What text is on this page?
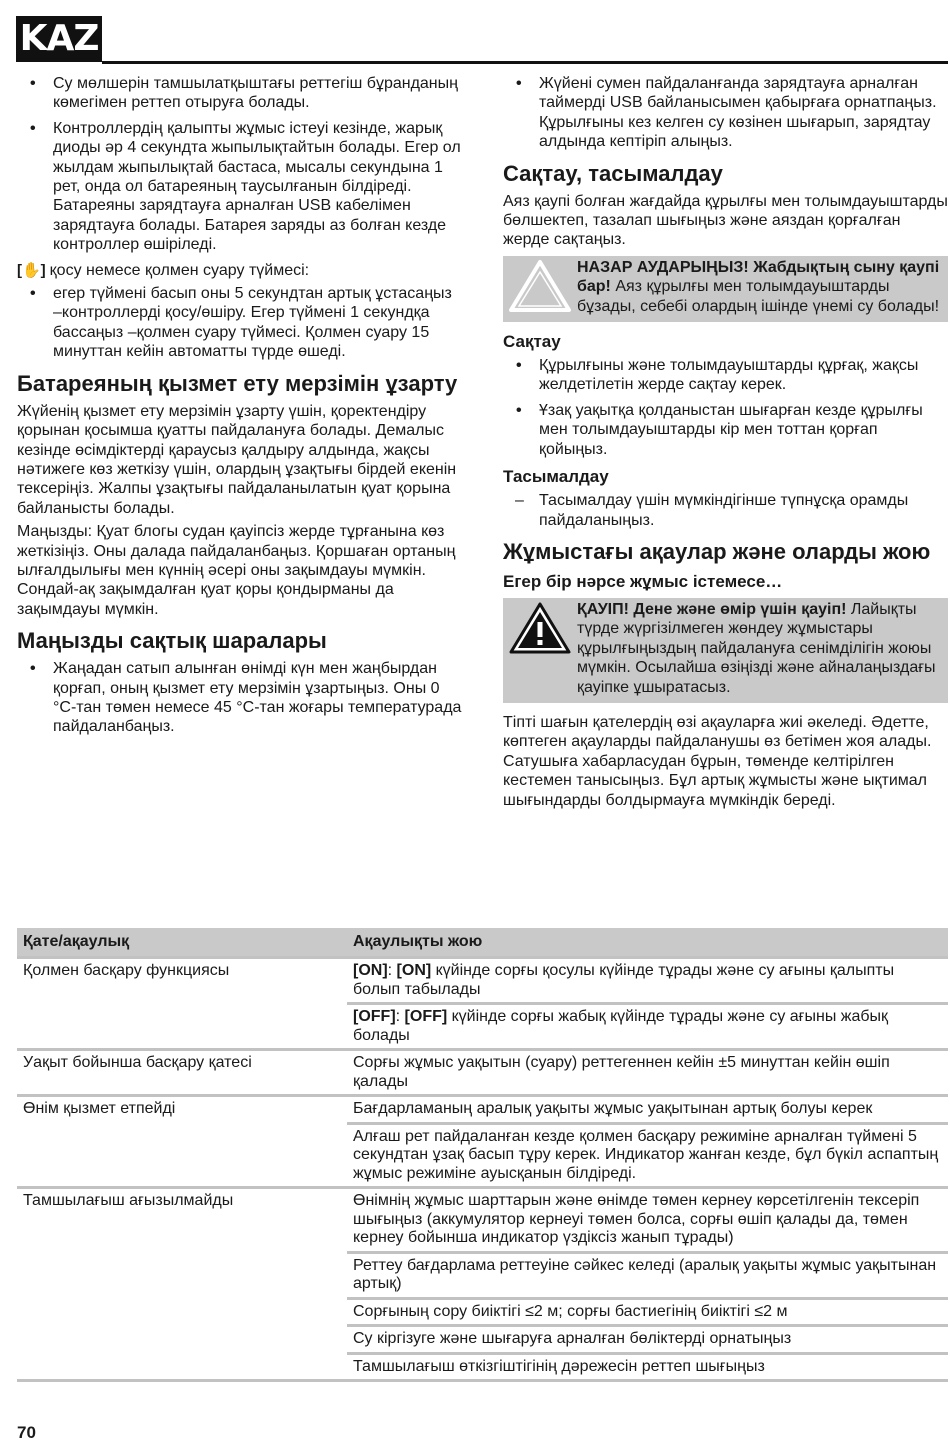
KAZ
• Су мөлшерін тамшылатқыштағы реттегіш бұранданың көмегімен реттеп отыруға болады.
• Контроллердің қалыпты жұмыс істеуі кезінде, жарық диоды әр 4 секундта жыпылықтайтын болады. Егер ол жылдам жыпылықтай бастаса, мысалы секундына 1 рет, онда ол батареяның таусылғанын білдіреді. Батареяны зарядтауға арналған USB кабелімен зарядтауға болады. Батарея заряды аз болған кезде контроллер өшіріледі.

[✋] қосу немесе қолмен суару түймесі:

• егер түймені басып оны 5 секундтан артық ұстасаңыз –контроллерді қосу/өшіру. Егер түймені 1 секундқа бассаңыз –қолмен суару түймесі. Қолмен суару 15 минуттан кейін автоматты түрде өшеді.
Батареяның қызмет ету мерзімін ұзарту

Жүйенің қызмет ету мерзімін ұзарту үшін, қоректендіру қорынан қосымша қуатты пайдалануға болады. Демалыс кезінде өсімдіктерді қараусыз қалдыру алдында, жақсы нәтижеге көз жеткізу үшін, олардың ұзақтығы бірдей екенін тексеріңіз. Жалпы ұзақтығы пайдаланылатын қуат қорына байланысты болады.

Маңызды: Қуат блогы судан қауіпсіз жерде тұрғанына көз жеткізіңіз. Оны далада пайдаланбаңыз. Қоршаған ортаның ылғалдылығы мен күннің әсері оны зақымдауы мүмкін. Сондай-ақ зақымдалған қуат қоры қондырманы да зақымдауы мүмкін.

Маңызды сақтық шаралары
• Жаңадан сатып алынған өнімді күн мен жаңбырдан қорғап, оның қызмет ету мерзімін ұзартыңыз. Оны 0 °C-тан төмен немесе 45 °C-тан жоғары температурада пайдаланбаңыз.
• Жүйені сумен пайдаланғанда зарядтауға арналған таймерді USB байланысымен қабырғаға орнатпаңыз. Құрылғыны кез келген су көзінен шығарып, зарядтау алдында кептіріп алыңыз.
Сақтау, тасымалдау

Аяз қаупі болған жағдайда құрылғы мен толымдауыштарды бөлшектеп, тазалап шығыңыз және аяздан қорғалған жерде сақтаңыз.

НАЗАР АУДАРЫҢЫЗ! Жабдықтың сыну қаупі бар! Аяз құрылғы мен толымдауыштарды бұзады, себебі олардың ішінде үнемі су болады!
Сақтау
• Құрылғыны және толымдауыштарды құрғақ, жақсы желдетілетін жерде сақтау керек.
• Ұзақ уақытқа қолданыстан шығарған кезде құрылғы мен толымдауыштарды кір мен тоттан қорғап қойыңыз.
Тасымалдау
– Тасымалдау үшін мүмкіндігінше түпнұсқа орамды пайдаланыңыз.
Жұмыстағы ақаулар және оларды жою
Егер бір нәрсе жұмыс істемесе…
ҚАУІП! Дене және өмір үшін қауіп! Лайықты түрде жүргізілмеген жөндеу жұмыстары құрылғыңыздың пайдалануға сенімділігін жоюы мүмкін. Осылайша өзіңізді және айналаңыздағы қауіпке ұшыратасыз.

Тіпті шағын қателердің өзі ақауларға жиі әкеледі. Әдетте, көптеген ақауларды пайдаланушы өз бетімен жоя алады. Сатушыға хабарласудан бұрын, төменде келтірілген кестемен танысыңыз. Бұл артық жұмысты және ықтимал шығындарды болдырмауға мүмкіндік береді.

Қате/ақаулық	Ақаулықты жою
Қолмен басқару функциясы	[ON]: [ON] күйінде сорғы қосулы күйінде тұрады және су ағыны қалыпты болып табылады
	[OFF]: [OFF] күйінде сорғы жабық күйінде тұрады және су ағыны жабық болады
Уақыт бойынша басқару қатесі	Сорғы жұмыс уақытын (суару) реттегеннен кейін ±5 минуттан кейін өшіп қалады
Өнім қызмет етпейді	Бағдарламаның аралық уақыты жұмыс уақытынан артық болуы керек
	Алғаш рет пайдаланған кезде қолмен басқару режиміне арналған түймені 5 секундтан ұзақ басып тұру керек. Индикатор жанған кезде, бұл бүкіл аспаптың жұмыс режиміне ауысқанын білдіреді.
Тамшылағыш ағызылмайды	Өнімнің жұмыс шарттарын және өнімде төмен кернеу көрсетілгенін тексеріп шығыңыз (аккумулятор кернеуі төмен болса, сорғы өшіп қалады да, төмен кернеу бойынша индикатор үздіксіз жанып тұрады)
	Реттеу бағдарлама реттеуіне сәйкес келеді (аралық уақыты жұмыс уақытынан артық)
	Сорғының сору биіктігі ≤2 м; сорғы бастиегінің биіктігі ≤2 м
	Су кіргізуге және шығаруға арналған бөліктерді орнатыңыз
	Тамшылағыш өткізгіштігінің дәрежесін реттеп шығыңыз
70
